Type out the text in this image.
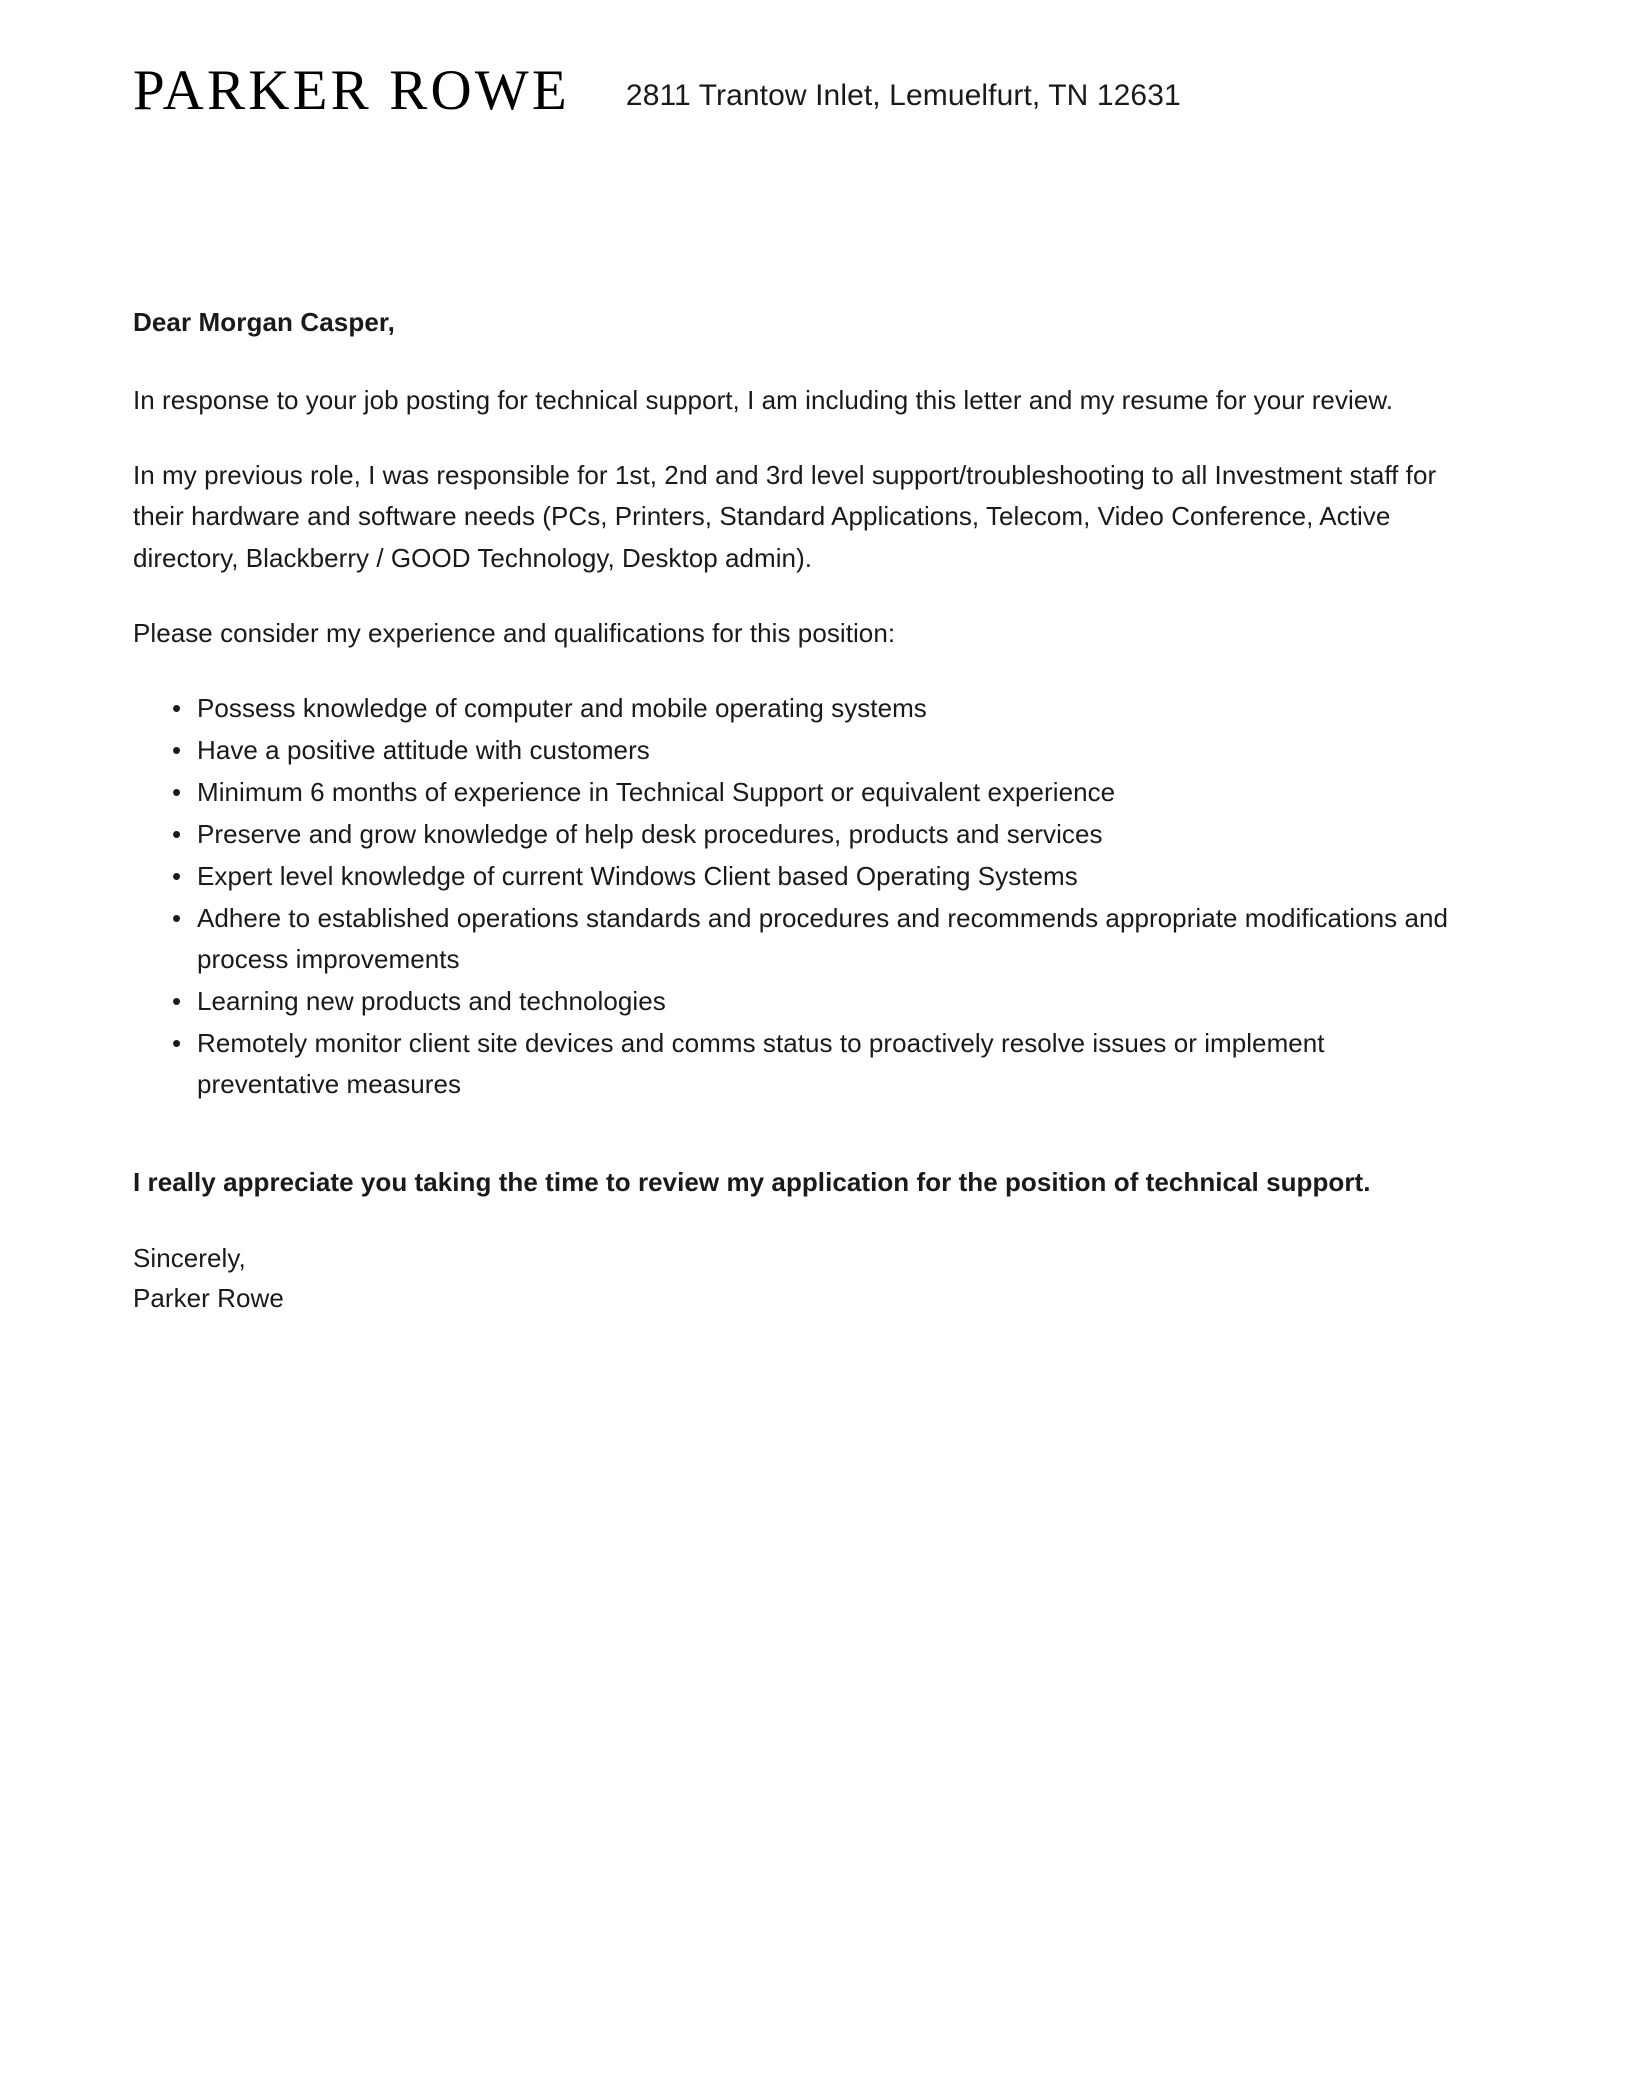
PARKER ROWE 2811 Trantow Inlet, Lemuelfurt, TN 12631

Dear Morgan Casper,

In response to your job posting for technical support, I am including this letter and my resume for your review.

In my previous role, I was responsible for 1st, 2nd and 3rd level support/troubleshooting to all Investment staff for their hardware and software needs (PCs, Printers, Standard Applications, Telecom, Video Conference, Active directory, Blackberry / GOOD Technology, Desktop admin).

Please consider my experience and qualifications for this position:

• Possess knowledge of computer and mobile operating systems
• Have a positive attitude with customers
• Minimum 6 months of experience in Technical Support or equivalent experience
• Preserve and grow knowledge of help desk procedures, products and services
• Expert level knowledge of current Windows Client based Operating Systems
• Adhere to established operations standards and procedures and recommends appropriate modifications and process improvements
• Learning new products and technologies
• Remotely monitor client site devices and comms status to proactively resolve issues or implement preventative measures

I really appreciate you taking the time to review my application for the position of technical support.

Sincerely,
Parker Rowe
